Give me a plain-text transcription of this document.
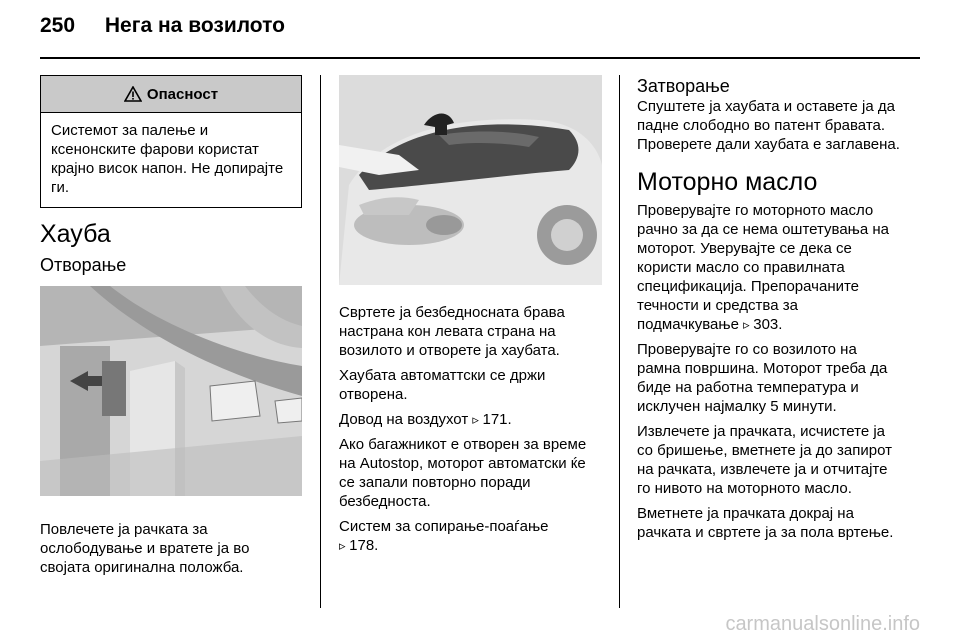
250 Нега на возилото
Опасност
Системот за палење и ксенонските фарови користат крајно висок напон. Не допирајте ги.
Хауба
Отворање
Повлечете ја рачката за ослободување и вратете ја во својата оригинална положба.
Свртете ја безбедносната брава настрана кон левата страна на возилото и отворете ја хаубата.
Хаубата автоматтски се држи отворена.
Довод на воздухот ▹ 171.
Ако багажникот е отворен за време на Autostop, моторот автоматски ќе се запали повторно поради безбедноста.
Систем за сопирање-поаѓање
▹ 178.
Затворање
Спуштете ја хаубата и оставете ја да падне слободно во патент бравата. Проверете дали хаубата е заглавена.
Моторно масло
Проверувајте го моторното масло рачно за да се нема оштетувања на моторот. Уверувајте се дека се користи масло со правилната спецификација. Препорачаните течности и средства за подмачкување ▹ 303.
Проверувајте го со возилото на рамна површина. Моторот треба да биде на работна температура и исклучен најмалку 5 минути.
Извлечете ја прачката, исчистете ја со бришење, вметнете ја до запирот на рачката, извлечете ја и отчитајте го нивото на моторното масло.
Вметнете ја прачката докрај на рачката и свртете ја за пола вртење.
carmanualsonline.info
